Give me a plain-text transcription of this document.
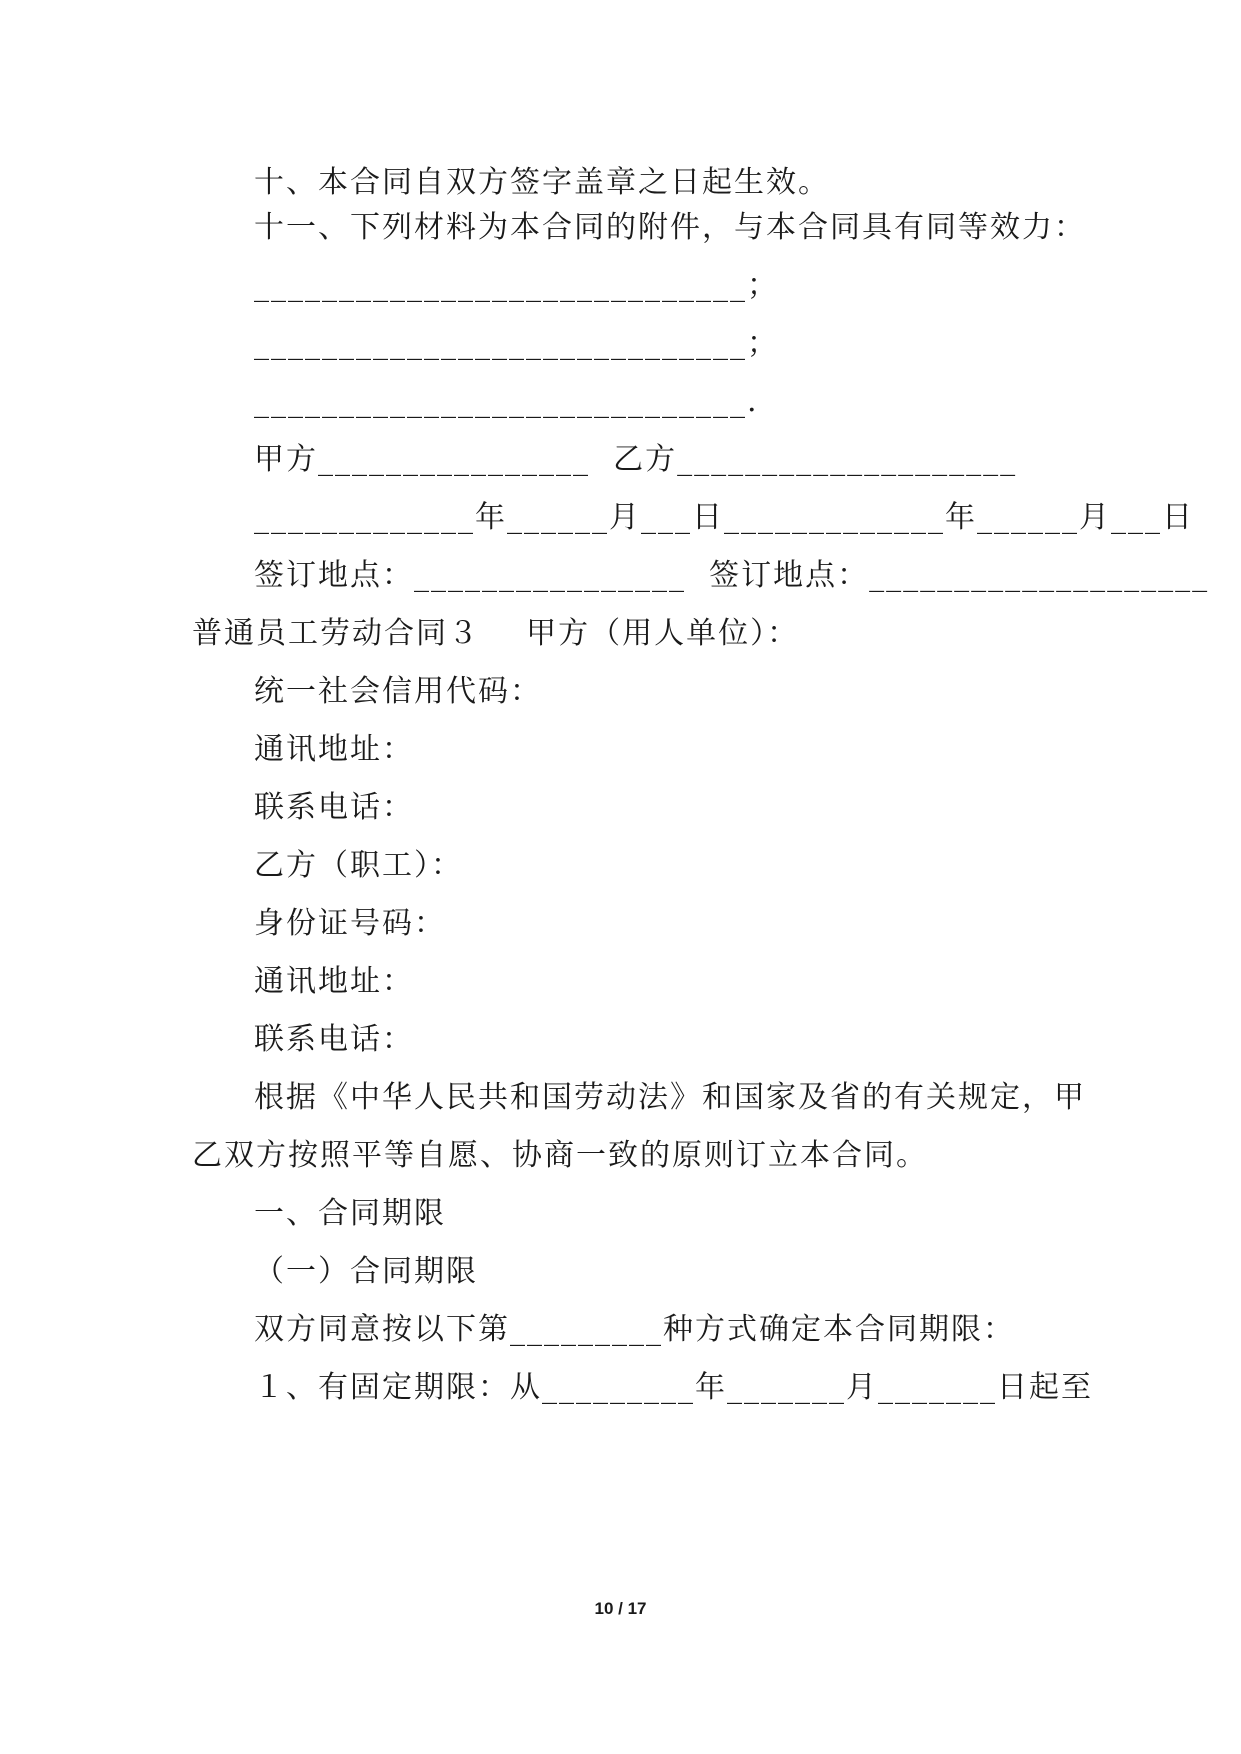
十、本合同自双方签字盖章之日起生效。
十一、下列材料为本合同的附件，与本合同具有同等效力：
_____________________________；
_____________________________；
_____________________________.
甲方________________  乙方____________________
_____________年______月___日_____________年______月___日
签订地点：________________  签订地点：____________________
普通员工劳动合同３    甲方（用人单位）：
统一社会信用代码：
通讯地址：
联系电话：
乙方（职工）：
身份证号码：
通讯地址：
联系电话：
根据《中华人民共和国劳动法》和国家及省的有关规定，甲
乙双方按照平等自愿、协商一致的原则订立本合同。
一、合同期限
（一）合同期限
双方同意按以下第_________种方式确定本合同期限：
１、有固定期限：从_________年_______月_______日起至
10 / 17
